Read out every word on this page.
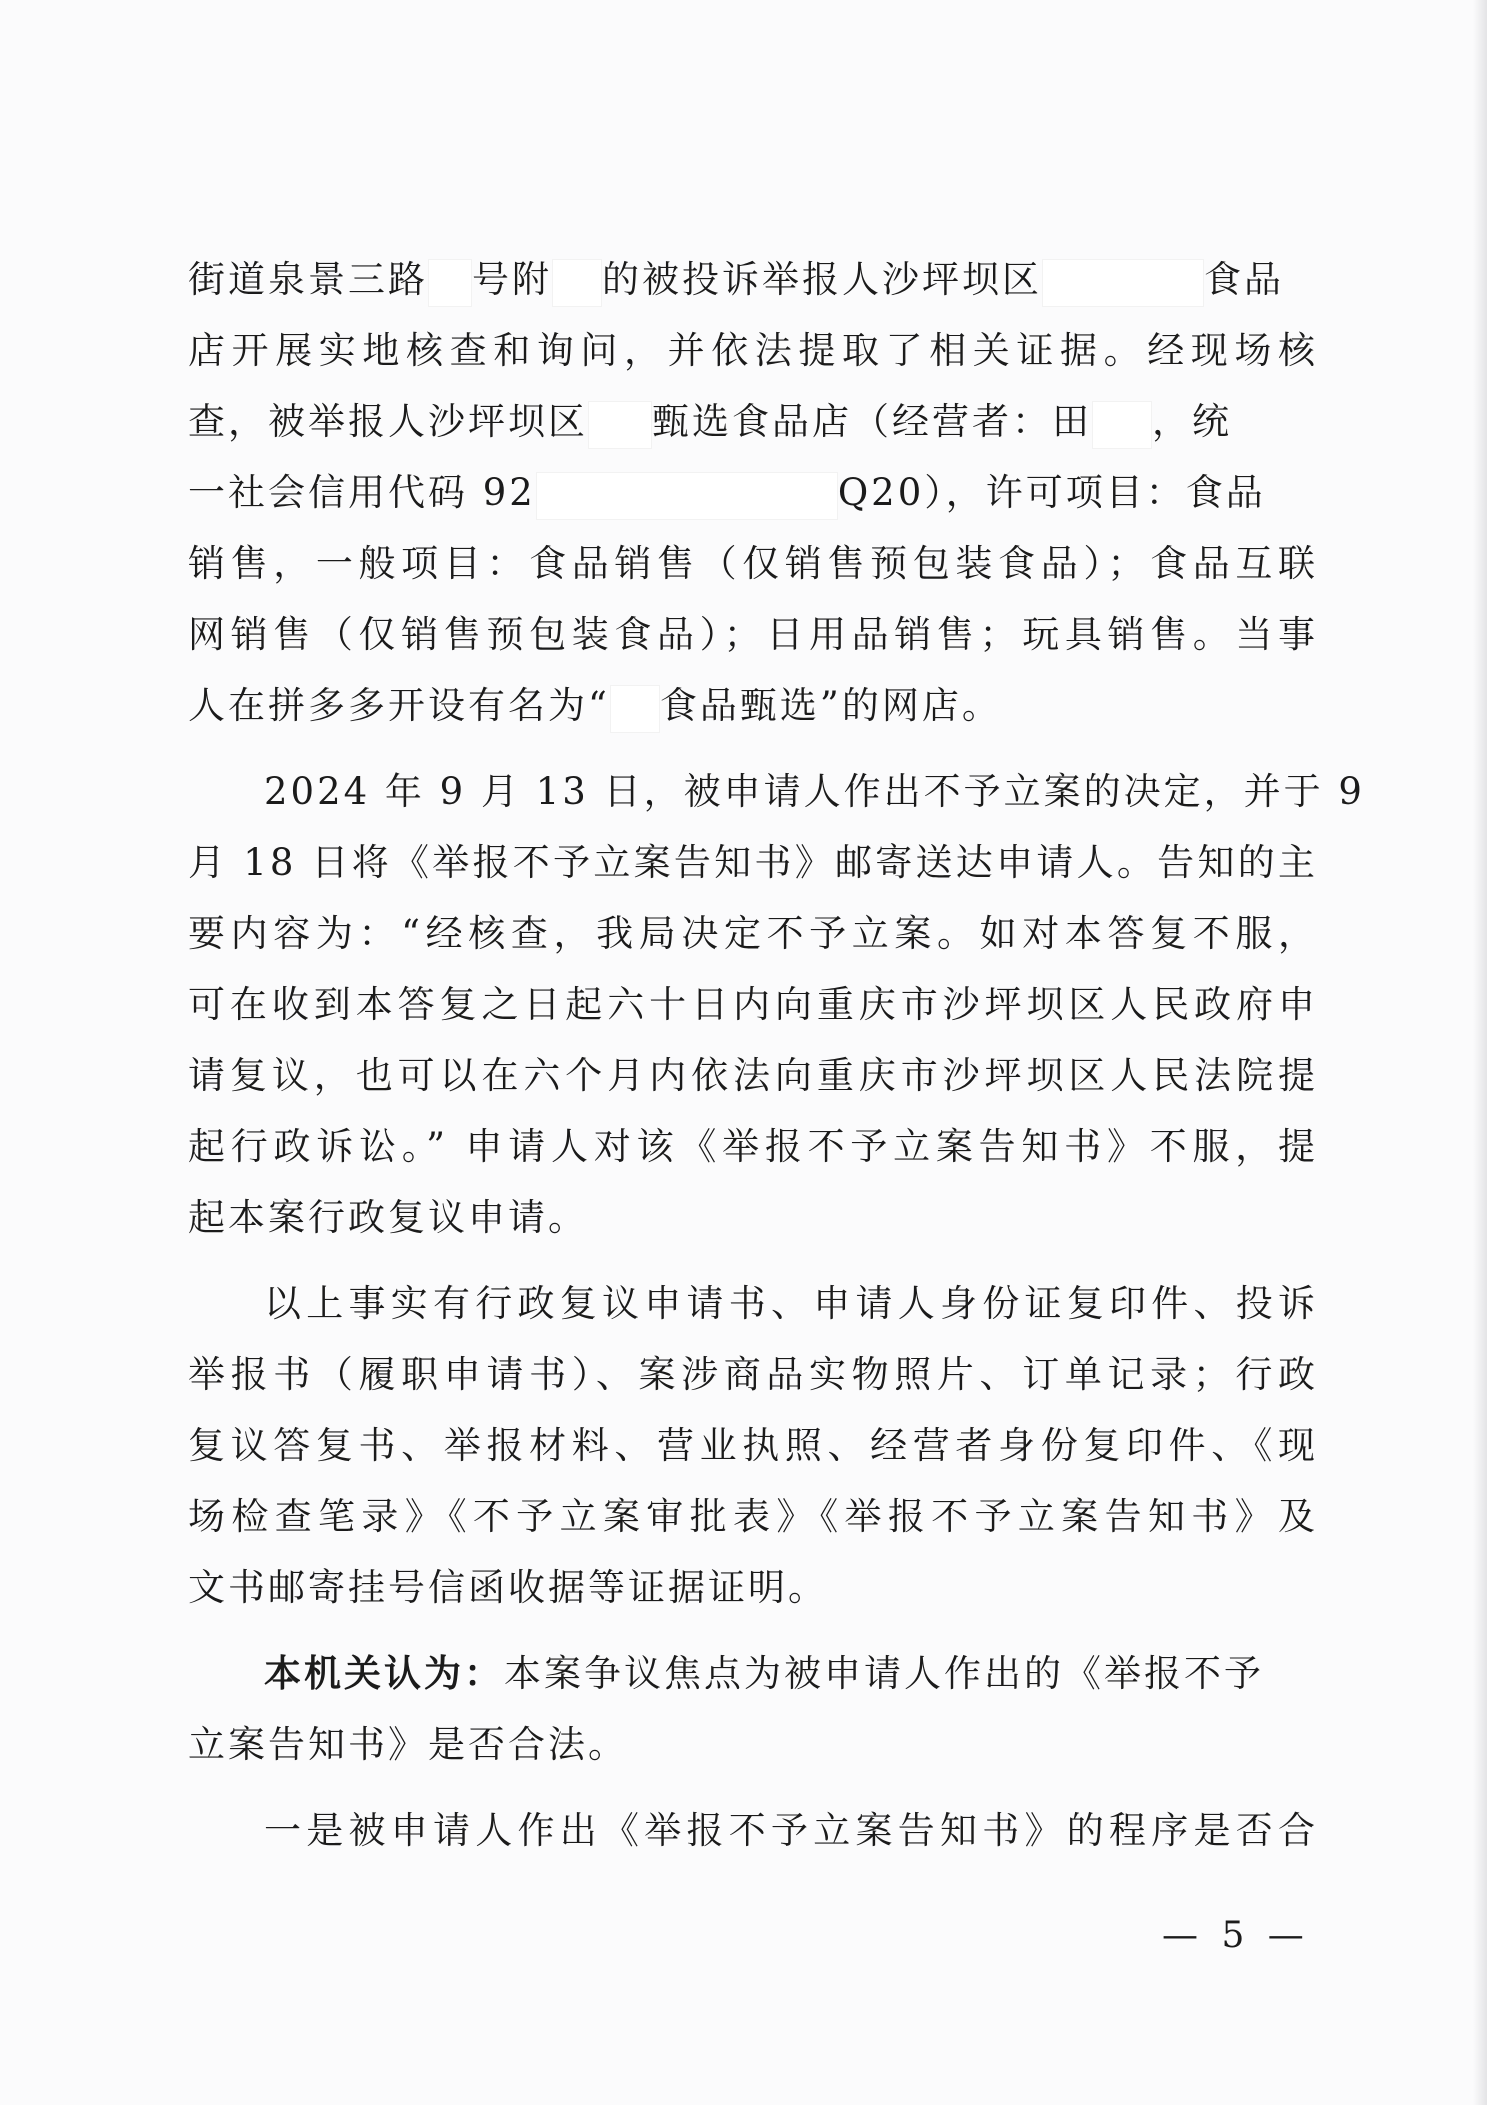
街道泉景三路 号附 的被投诉举报人沙坪坝区	食品
店开展实地核查和询问，并依法提取了相关证据。经现场核
查，被举报人沙坪坝区 甄选食品店（经营者：田 ，统
一社会信用代码 92	Q20），许可项目：食品
销售，一般项目：食品销售（仅销售预包装食品）；食品互联
网销售（仅销售预包装食品）；日用品销售；玩具销售。当事
人在拼多多开设有名为“ 食品甄选”的网店。
2024 年 9 月 13 日，被申请人作出不予立案的决定，并于 9
月 18 日将《举报不予立案告知书》邮寄送达申请人。告知的主
要内容为：“经核查，我局决定不予立案。如对本答复不服，
可在收到本答复之日起六十日内向重庆市沙坪坝区人民政府申
请复议，也可以在六个月内依法向重庆市沙坪坝区人民法院提
起行政诉讼。” 申请人对该《举报不予立案告知书》不服，提
起本案行政复议申请。
以上事实有行政复议申请书、申请人身份证复印件、投诉
举报书（履职申请书）、案涉商品实物照片、订单记录；行政
复议答复书、举报材料、营业执照、经营者身份复印件、《现
场检查笔录》《不予立案审批表》《举报不予立案告知书》及
文书邮寄挂号信函收据等证据证明。
本机关认为：本案争议焦点为被申请人作出的《举报不予
立案告知书》是否合法。
一是被申请人作出《举报不予立案告知书》的程序是否合
— 5 —
